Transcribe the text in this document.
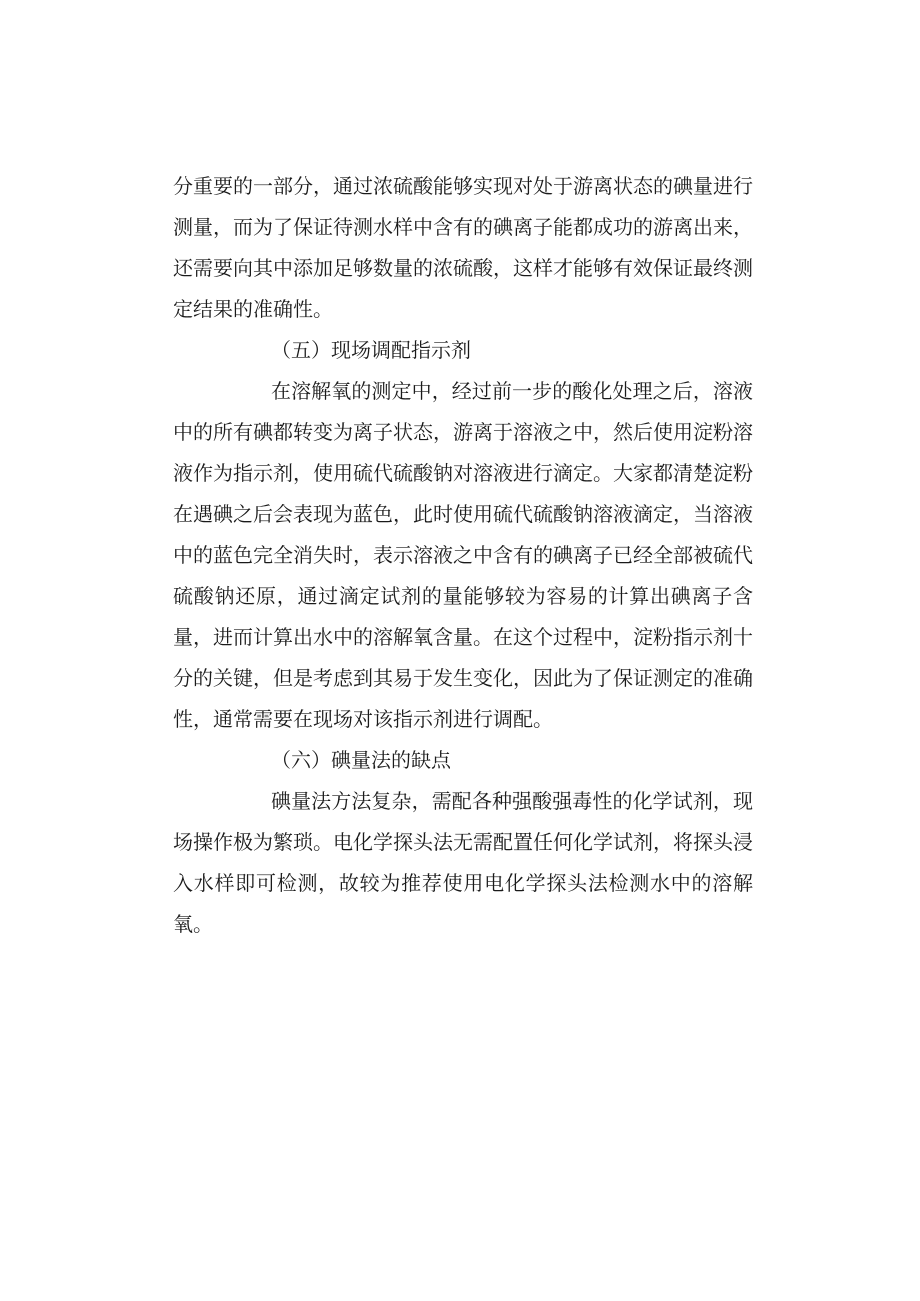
分重要的一部分，通过浓硫酸能够实现对处于游离状态的碘量进行测量，而为了保证待测水样中含有的碘离子能都成功的游离出来，还需要向其中添加足够数量的浓硫酸，这样才能够有效保证最终测定结果的准确性。

（五）现场调配指示剂

在溶解氧的测定中，经过前一步的酸化处理之后，溶液中的所有碘都转变为离子状态，游离于溶液之中，然后使用淀粉溶液作为指示剂，使用硫代硫酸钠对溶液进行滴定。大家都清楚淀粉在遇碘之后会表现为蓝色，此时使用硫代硫酸钠溶液滴定，当溶液中的蓝色完全消失时，表示溶液之中含有的碘离子已经全部被硫代硫酸钠还原，通过滴定试剂的量能够较为容易的计算出碘离子含量，进而计算出水中的溶解氧含量。在这个过程中，淀粉指示剂十分的关键，但是考虑到其易于发生变化，因此为了保证测定的准确性，通常需要在现场对该指示剂进行调配。

（六）碘量法的缺点

碘量法方法复杂，需配各种强酸强毒性的化学试剂，现场操作极为繁琐。电化学探头法无需配置任何化学试剂，将探头浸入水样即可检测，故较为推荐使用电化学探头法检测水中的溶解氧。
